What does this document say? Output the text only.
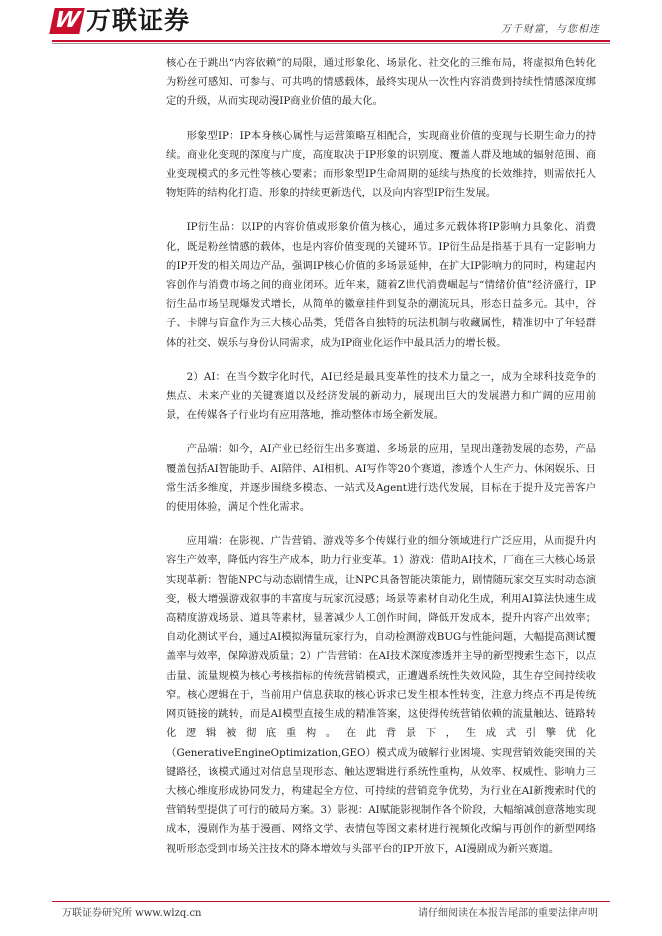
W 万联证券	万千财富，与您相连

核心在于跳出“内容依赖”的局限，通过形象化、场景化、社交化的三维布局，将虚拟角色转化为粉丝可感知、可参与、可共鸣的情感载体，最终实现从一次性内容消费到持续性情感深度绑定的升级，从而实现动漫IP商业价值的最大化。

形象型IP：IP本身核心属性与运营策略互相配合，实现商业价值的变现与长期生命力的持续。商业化变现的深度与广度，高度取决于IP形象的识别度、覆盖人群及地域的辐射范围、商业变现模式的多元性等核心要素；而形象型IP生命周期的延续与热度的长效维持，则需依托人物矩阵的结构化打造、形象的持续更新迭代，以及向内容型IP衍生发展。

IP衍生品：以IP的内容价值或形象价值为核心，通过多元载体将IP影响力具象化、消费化，既是粉丝情感的载体，也是内容价值变现的关键环节。IP衍生品是指基于具有一定影响力的IP开发的相关周边产品，强调IP核心价值的多场景延伸，在扩大IP影响力的同时，构建起内容创作与消费市场之间的商业闭环。近年来，随着Z世代消费崛起与“情绪价值”经济盛行，IP衍生品市场呈现爆发式增长，从简单的徽章挂件到复杂的潮流玩具，形态日益多元。其中，谷子、卡牌与盲盒作为三大核心品类，凭借各自独特的玩法机制与收藏属性，精准切中了年轻群体的社交、娱乐与身份认同需求，成为IP商业化运作中最具活力的增长极。

2）AI：在当今数字化时代，AI已经是最具变革性的技术力量之一，成为全球科技竞争的焦点、未来产业的关键赛道以及经济发展的新动力，展现出巨大的发展潜力和广阔的应用前景，在传媒各子行业均有应用落地，推动整体市场全新发展。

产品端：如今，AI产业已经衍生出多赛道、多场景的应用，呈现出蓬勃发展的态势，产品覆盖包括AI智能助手、AI陪伴、AI相机、AI写作等20个赛道，渗透个人生产力、休闲娱乐、日常生活多维度，并逐步围绕多模态、一站式及Agent进行迭代发展，目标在于提升及完善客户的使用体验，满足个性化需求。

应用端：在影视、广告营销、游戏等多个传媒行业的细分领域进行广泛应用，从而提升内容生产效率，降低内容生产成本，助力行业变革。1）游戏：借助AI技术，厂商在三大核心场景实现革新：智能NPC与动态剧情生成，让NPC具备智能决策能力，剧情随玩家交互实时动态演变，极大增强游戏叙事的丰富度与玩家沉浸感；场景等素材自动化生成，利用AI算法快速生成高精度游戏场景、道具等素材，显著减少人工创作时间，降低开发成本，提升内容产出效率；自动化测试平台，通过AI模拟海量玩家行为，自动检测游戏BUG与性能问题，大幅提高测试覆盖率与效率，保障游戏质量；2）广告营销：在AI技术深度渗透并主导的新型搜索生态下，以点击量、流量规模为核心考核指标的传统营销模式，正遭遇系统性失效风险，其生存空间持续收窄。核心逻辑在于，当前用户信息获取的核心诉求已发生根本性转变，注意力终点不再是传统网页链接的跳转，而是AI模型直接生成的精准答案，这使得传统营销依赖的流量触达、链路转化逻辑被彻底重构。在此背景下，生成式引擎优化（GenerativeEngineOptimization,GEO）模式成为破解行业困境、实现营销效能突围的关键路径，该模式通过对信息呈现形态、触达逻辑进行系统性重构，从效率、权威性、影响力三大核心维度形成协同发力，构建起全方位、可持续的营销竞争优势，为行业在AI新搜索时代的营销转型提供了可行的破局方案。3）影视：AI赋能影视制作各个阶段，大幅缩减创意落地实现成本，漫剧作为基于漫画、网络文学、表情包等图文素材进行视频化改编与再创作的新型网络视听形态受到市场关注技术的降本增效与头部平台的IP开放下，AI漫剧成为新兴赛道。

万联证券研究所 www.wlzq.cn	请仔细阅读在本报告尾部的重要法律声明
